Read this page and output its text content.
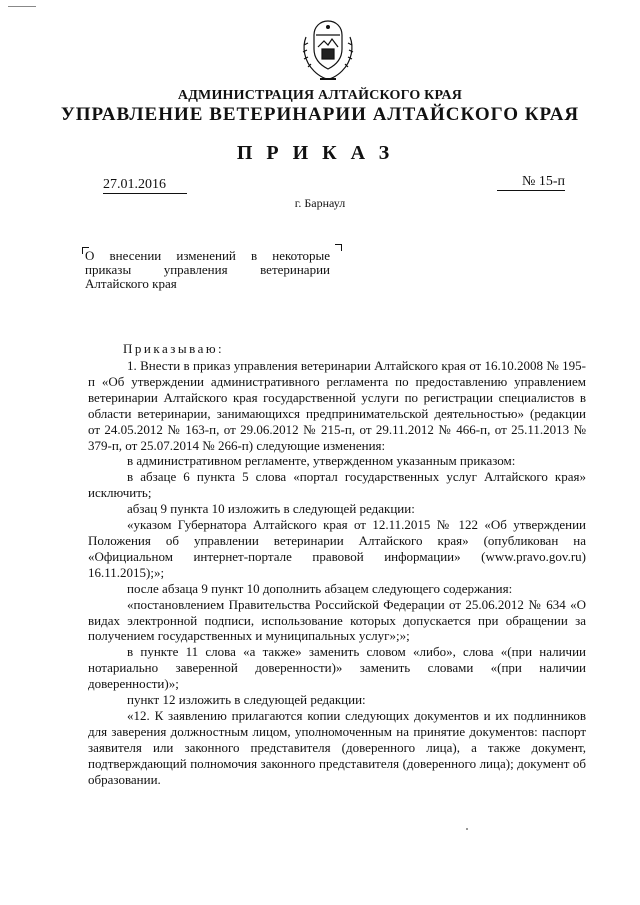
АДМИНИСТРАЦИЯ АЛТАЙСКОГО КРАЯ
УПРАВЛЕНИЕ ВЕТЕРИНАРИИ АЛТАЙСКОГО КРАЯ
ПРИКАЗ
27.01.2016	№ 15-п
г. Барнаул
О внесении изменений в некоторые приказы управления ветеринарии Алтайского края
Приказываю:

1. Внести в приказ управления ветеринарии Алтайского края от 16.10.2008 № 195-п «Об утверждении административного регламента по предоставлению управлением ветеринарии Алтайского края государственной услуги по регистрации специалистов в области ветеринарии, занимающихся предпринимательской деятельностью» (редакции от 24.05.2012 № 163-п, от 29.06.2012 № 215-п, от 29.11.2012 № 466-п, от 25.11.2013 № 379-п, от 25.07.2014 № 266-п) следующие изменения:

в административном регламенте, утвержденном указанным приказом:

в абзаце 6 пункта 5 слова «портал государственных услуг Алтайского края» исключить;

абзац 9 пункта 10 изложить в следующей редакции:

«указом Губернатора Алтайского края от 12.11.2015 № 122 «Об утверждении Положения об управлении ветеринарии Алтайского края» (опубликован на «Официальном интернет-портале правовой информации» (www.pravo.gov.ru) 16.11.2015);»;

после абзаца 9 пункт 10 дополнить абзацем следующего содержания:

«постановлением Правительства Российской Федерации от 25.06.2012 № 634 «О видах электронной подписи, использование которых допускается при обращении за получением государственных и муниципальных услуг»;»;

в пункте 11 слова «а также» заменить словом «либо», слова «(при наличии нотариально заверенной доверенности)» заменить словами «(при наличии доверенности)»;

пункт 12 изложить в следующей редакции:

«12. К заявлению прилагаются копии следующих документов и их подлинников для заверения должностным лицом, уполномоченным на принятие документов: паспорт заявителя или законного представителя (доверенного лица), а также документ, подтверждающий полномочия законного представителя (доверенного лица); документ об образовании.
